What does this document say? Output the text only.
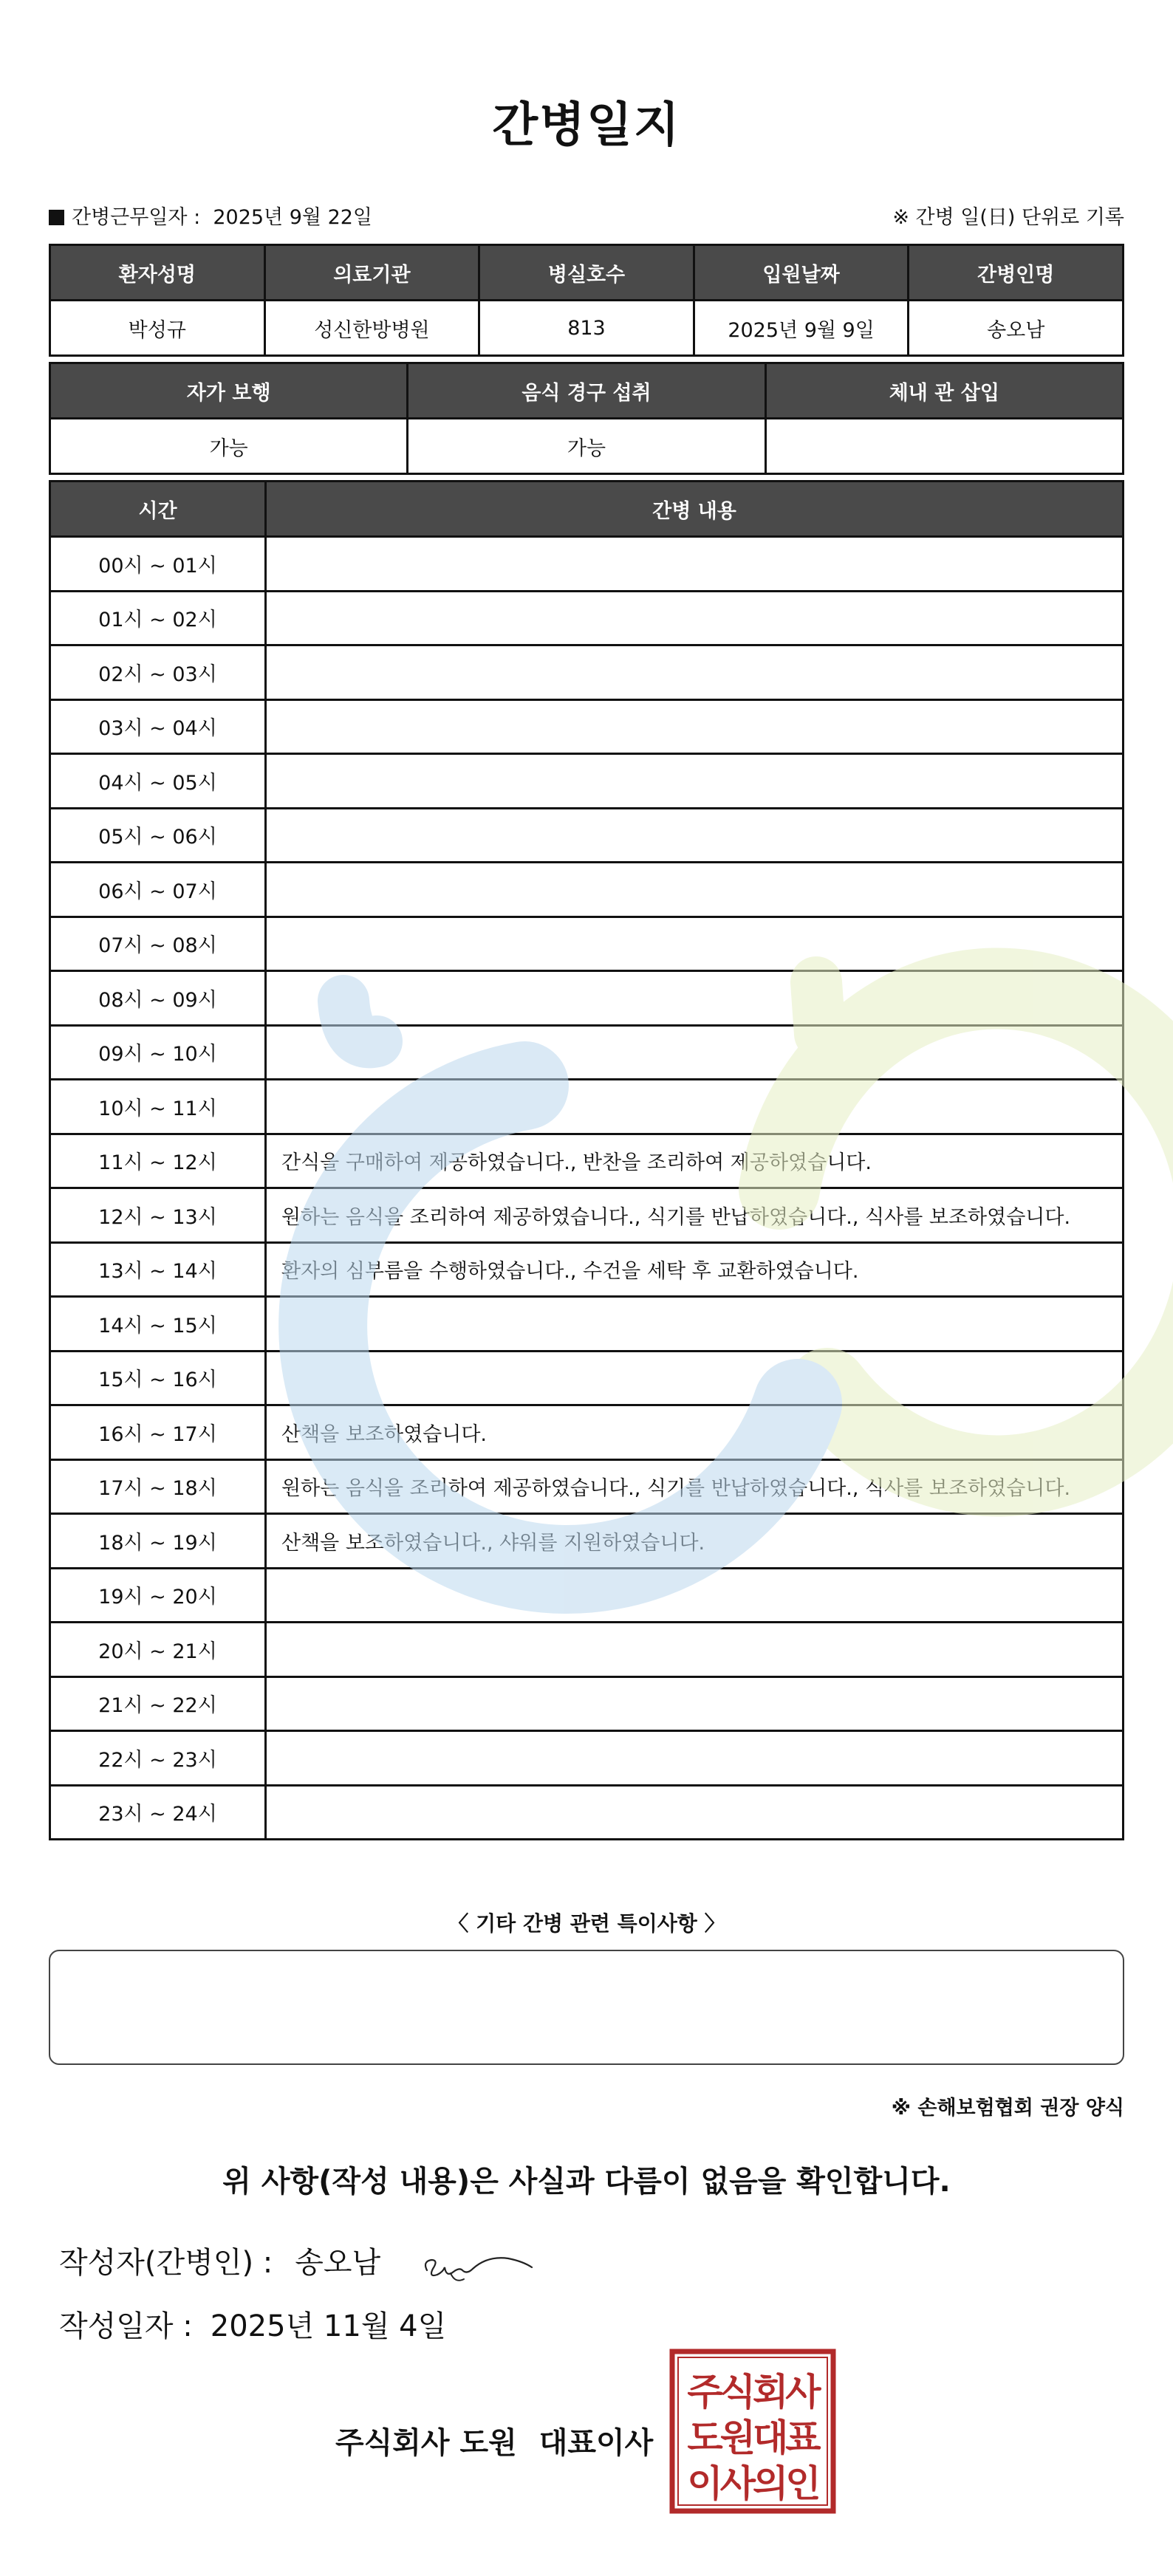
간병일지
간병근무일자 : 2025년 9월 22일	※ 간병 일(日) 단위로 기록
환자성명	의료기관	병실호수	입원날짜	간병인명
박성규	성신한방병원	813	2025년 9월 9일	송오남
자가 보행	음식 경구 섭취	체내 관 삽입
가능	가능	
시간	간병 내용
00시 ~ 01시	
01시 ~ 02시	
02시 ~ 03시	
03시 ~ 04시	
04시 ~ 05시	
05시 ~ 06시	
06시 ~ 07시	
07시 ~ 08시	
08시 ~ 09시	
09시 ~ 10시	
10시 ~ 11시	
11시 ~ 12시	간식을 구매하여 제공하였습니다., 반찬을 조리하여 제공하였습니다.
12시 ~ 13시	원하는 음식을 조리하여 제공하였습니다., 식기를 반납하였습니다., 식사를 보조하였습니다.
13시 ~ 14시	환자의 심부름을 수행하였습니다., 수건을 세탁 후 교환하였습니다.
14시 ~ 15시	
15시 ~ 16시	
16시 ~ 17시	산책을 보조하였습니다.
17시 ~ 18시	원하는 음식을 조리하여 제공하였습니다., 식기를 반납하였습니다., 식사를 보조하였습니다.
18시 ~ 19시	산책을 보조하였습니다., 샤워를 지원하였습니다.
19시 ~ 20시	
20시 ~ 21시	
21시 ~ 22시	
22시 ~ 23시	
23시 ~ 24시	
〈 기타 간병 관련 특이사항 〉
※ 손해보험협회 권장 양식
위 사항(작성 내용)은 사실과 다름이 없음을 확인합니다.
작성자(간병인) : 송오남
작성일자 : 2025년 11월 4일
주식회사 도원 대표이사
주식회사
도원대표
이사의인
